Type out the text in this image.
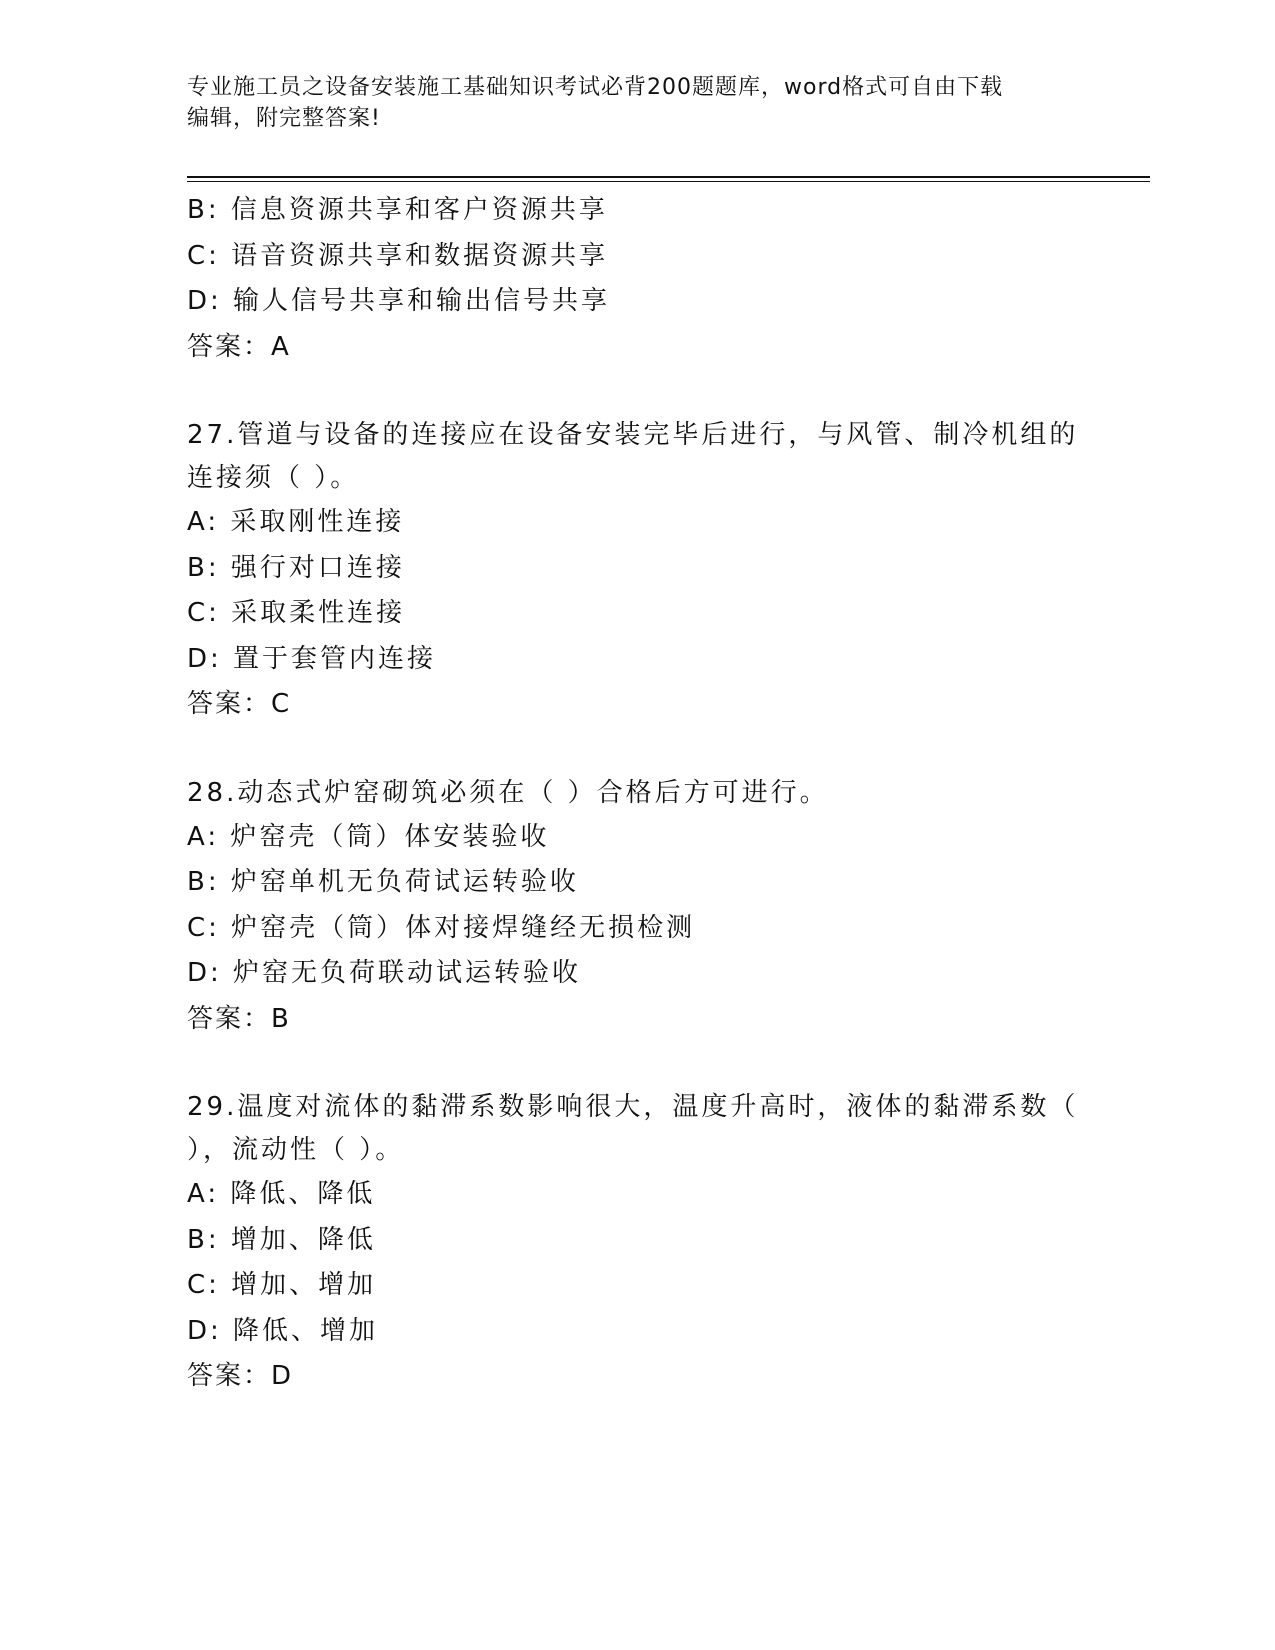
专业施工员之设备安装施工基础知识考试必背200题题库，word格式可自由下载
编辑，附完整答案!
B: 信息资源共享和客户资源共享
C: 语音资源共享和数据资源共享
D: 输人信号共享和输出信号共享
答案：A
27.管道与设备的连接应在设备安装完毕后进行，与风管、制冷机组的
连接须（ ）。
A: 采取刚性连接
B: 强行对口连接
C: 采取柔性连接
D: 置于套管内连接
答案：C
28.动态式炉窑砌筑必须在（ ）合格后方可进行。
A: 炉窑壳（筒）体安装验收
B: 炉窑单机无负荷试运转验收
C: 炉窑壳（筒）体对接焊缝经无损检测
D: 炉窑无负荷联动试运转验收
答案：B
29.温度对流体的黏滞系数影响很大，温度升高时，液体的黏滞系数（
），流动性（ ）。
A: 降低、降低
B: 增加、降低
C: 增加、增加
D: 降低、增加
答案：D
